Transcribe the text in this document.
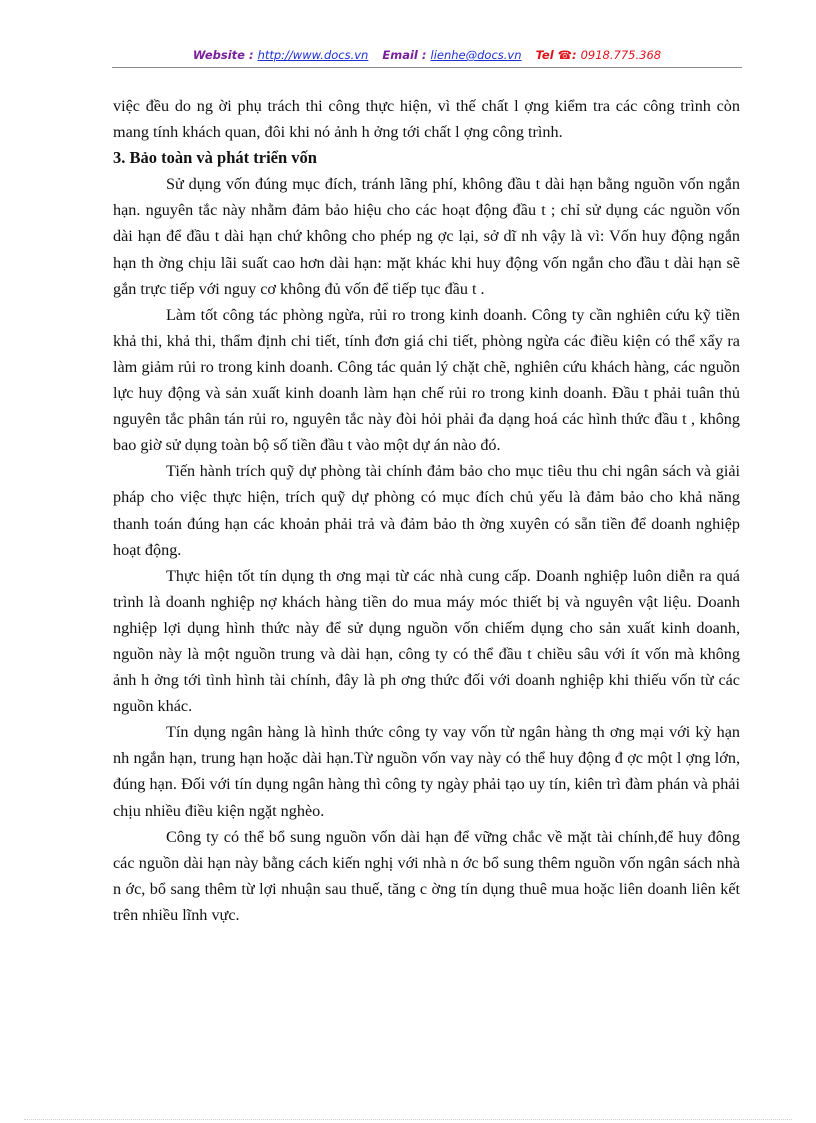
Website : http://www.docs.vn Email : lienhe@docs.vn Tel ☎: 0918.775.368

việc đều do ng ời phụ trách thi công thực hiện, vì thế chất l ợng kiểm tra các công trình còn mang tính khách quan, đôi khi nó ảnh h ởng tới chất l ợng công trình.

3. Bảo toàn và phát triển vốn

Sử dụng vốn đúng mục đích, tránh lãng phí, không đầu t dài hạn bằng nguồn vốn ngắn hạn. nguyên tắc này nhằm đảm bảo hiệu cho các hoạt động đầu t ; chỉ sử dụng các nguồn vốn dài hạn để đầu t dài hạn chứ không cho phép ng ợc lại, sở dĩ nh vậy là vì: Vốn huy động ngắn hạn th ờng chịu lãi suất cao hơn dài hạn: mặt khác khi huy động vốn ngắn cho đầu t dài hạn sẽ gắn trực tiếp với nguy cơ không đủ vốn để tiếp tục đầu t .

Làm tốt công tác phòng ngừa, rủi ro trong kinh doanh. Công ty cần nghiên cứu kỹ tiền khả thi, khả thi, thẩm định chi tiết, tính đơn giá chi tiết, phòng ngừa các điều kiện có thể xẩy ra làm giảm rủi ro trong kinh doanh. Công tác quản lý chặt chẽ, nghiên cứu khách hàng, các nguồn lực huy động và sản xuất kinh doanh làm hạn chế rủi ro trong kinh doanh. Đầu t phải tuân thủ nguyên tắc phân tán rủi ro, nguyên tắc này đòi hỏi phải đa dạng hoá các hình thức đầu t , không bao giờ sử dụng toàn bộ số tiền đầu t vào một dự án nào đó.

Tiến hành trích quỹ dự phòng tài chính đảm bảo cho mục tiêu thu chi ngân sách và giải pháp cho việc thực hiện, trích quỹ dự phòng có mục đích chủ yếu là đảm bảo cho khả năng thanh toán đúng hạn các khoản phải trả và đảm bảo th ờng xuyên có sẵn tiền để doanh nghiệp hoạt động.

Thực hiện tốt tín dụng th ơng mại từ các nhà cung cấp. Doanh nghiệp luôn diễn ra quá trình là doanh nghiệp nợ khách hàng tiền do mua máy móc thiết bị và nguyên vật liệu. Doanh nghiệp lợi dụng hình thức này để sử dụng nguồn vốn chiếm dụng cho sản xuất kinh doanh, nguồn này là một nguồn trung và dài hạn, công ty có thể đầu t chiều sâu với ít vốn mà không ảnh h ởng tới tình hình tài chính, đây là ph ơng thức đối với doanh nghiệp khi thiếu vốn từ các nguồn khác.

Tín dụng ngân hàng là hình thức công ty vay vốn từ ngân hàng th ơng mại với kỳ hạn nh ngắn hạn, trung hạn hoặc dài hạn.Từ nguồn vốn vay này có thể huy động đ ợc một l ợng lớn, đúng hạn. Đối với tín dụng ngân hàng thì công ty ngày phải tạo uy tín, kiên trì đàm phán và phải chịu nhiều điều kiện ngặt nghèo.

Công ty có thể bổ sung nguồn vốn dài hạn để vững chắc về mặt tài chính,để huy đông các nguồn dài hạn này bằng cách kiến nghị với nhà n ớc bổ sung thêm nguồn vốn ngân sách nhà n ớc, bổ sang thêm từ lợi nhuận sau thuế, tăng c ờng tín dụng thuê mua hoặc liên doanh liên kết trên nhiều lĩnh vực.
